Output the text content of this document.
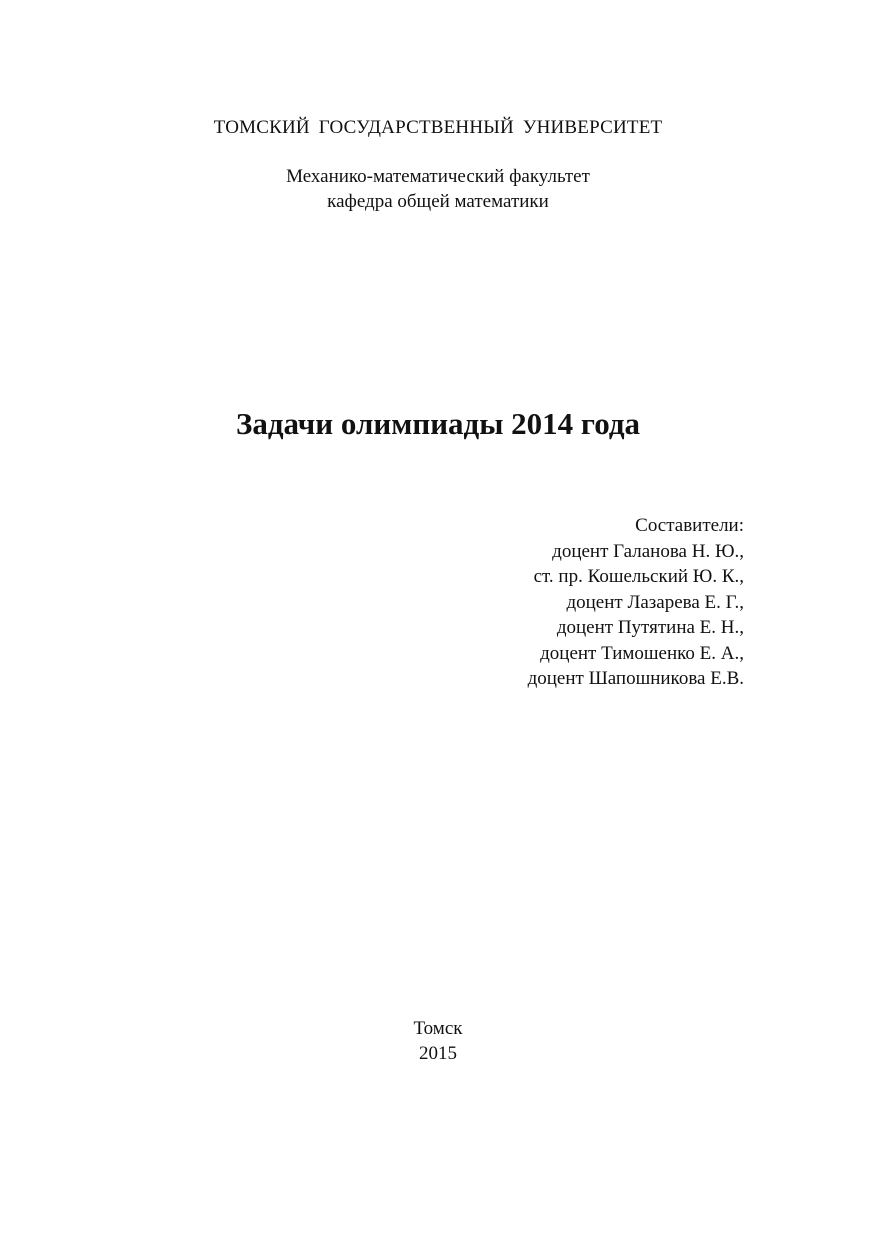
ТОМСКИЙ ГОСУДАРСТВЕННЫЙ УНИВЕРСИТЕТ
Механико-математический факультет
кафедра общей математики
Задачи олимпиады 2014 года
Составители:
доцент Галанова Н. Ю.,
ст. пр. Кошельский Ю. К.,
доцент Лазарева Е. Г.,
доцент Путятина Е. Н.,
доцент Тимошенко Е. А.,
доцент Шапошникова Е.В.
Томск
2015
